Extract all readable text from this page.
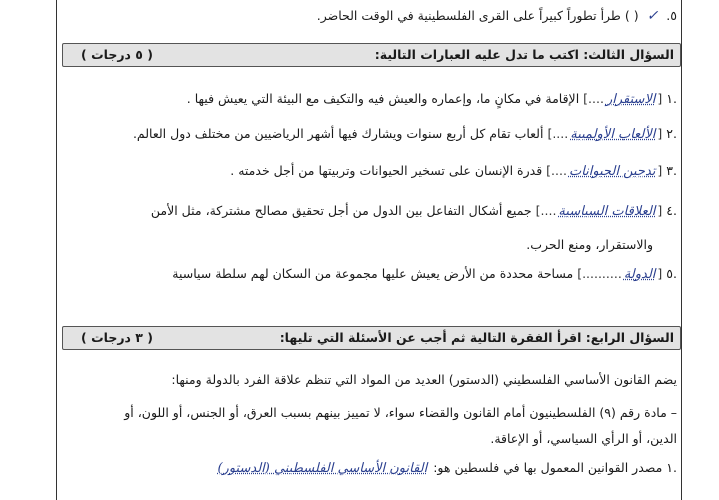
٥. ✓ ( ) طرأ تطوراً كبيراً على القرى الفلسطينية في الوقت الحاضر.
السؤال الثالث: اكتب ما تدل عليه العبارات التالية:
( ٥ درجات )
١. [الاستقرار....] الإقامة في مكانٍ ما، وإعماره والعيش فيه والتكيف مع البيئة التي يعيش فيها .
٢. [الألعاب الأولمبية....] ألعاب تقام كل أربع سنوات ويشارك فيها أشهر الرياضيين من مختلف دول العالم.
٣. [تدجين الحيوانات....] قدرة الإنسان على تسخير الحيوانات وتربيتها من أجل خدمته .
٤. [العلاقات السياسية....] جميع أشكال التفاعل بين الدول من أجل تحقيق مصالح مشتركة، مثل الأمن
والاستقرار، ومنع الحرب.
٥. [الدولة..........] مساحة محددة من الأرض يعيش عليها مجموعة من السكان لهم سلطة سياسية
السؤال الرابع: اقرأ الفقرة التالية ثم أجب عن الأسئلة التي تليها:
( ٣ درجات )
يضم القانون الأساسي الفلسطيني (الدستور) العديد من المواد التي تنظم علاقة الفرد بالدولة ومنها:
– مادة رقم (٩) الفلسطينيون أمام القانون والقضاء سواء، لا تمييز بينهم بسبب العرق، أو الجنس، أو اللون، أو
الدين، أو الرأي السياسي، أو الإعاقة.
١. مصدر القوانين المعمول بها في فلسطين هو: القانون الأساسي الفلسطيني (الدستور)
